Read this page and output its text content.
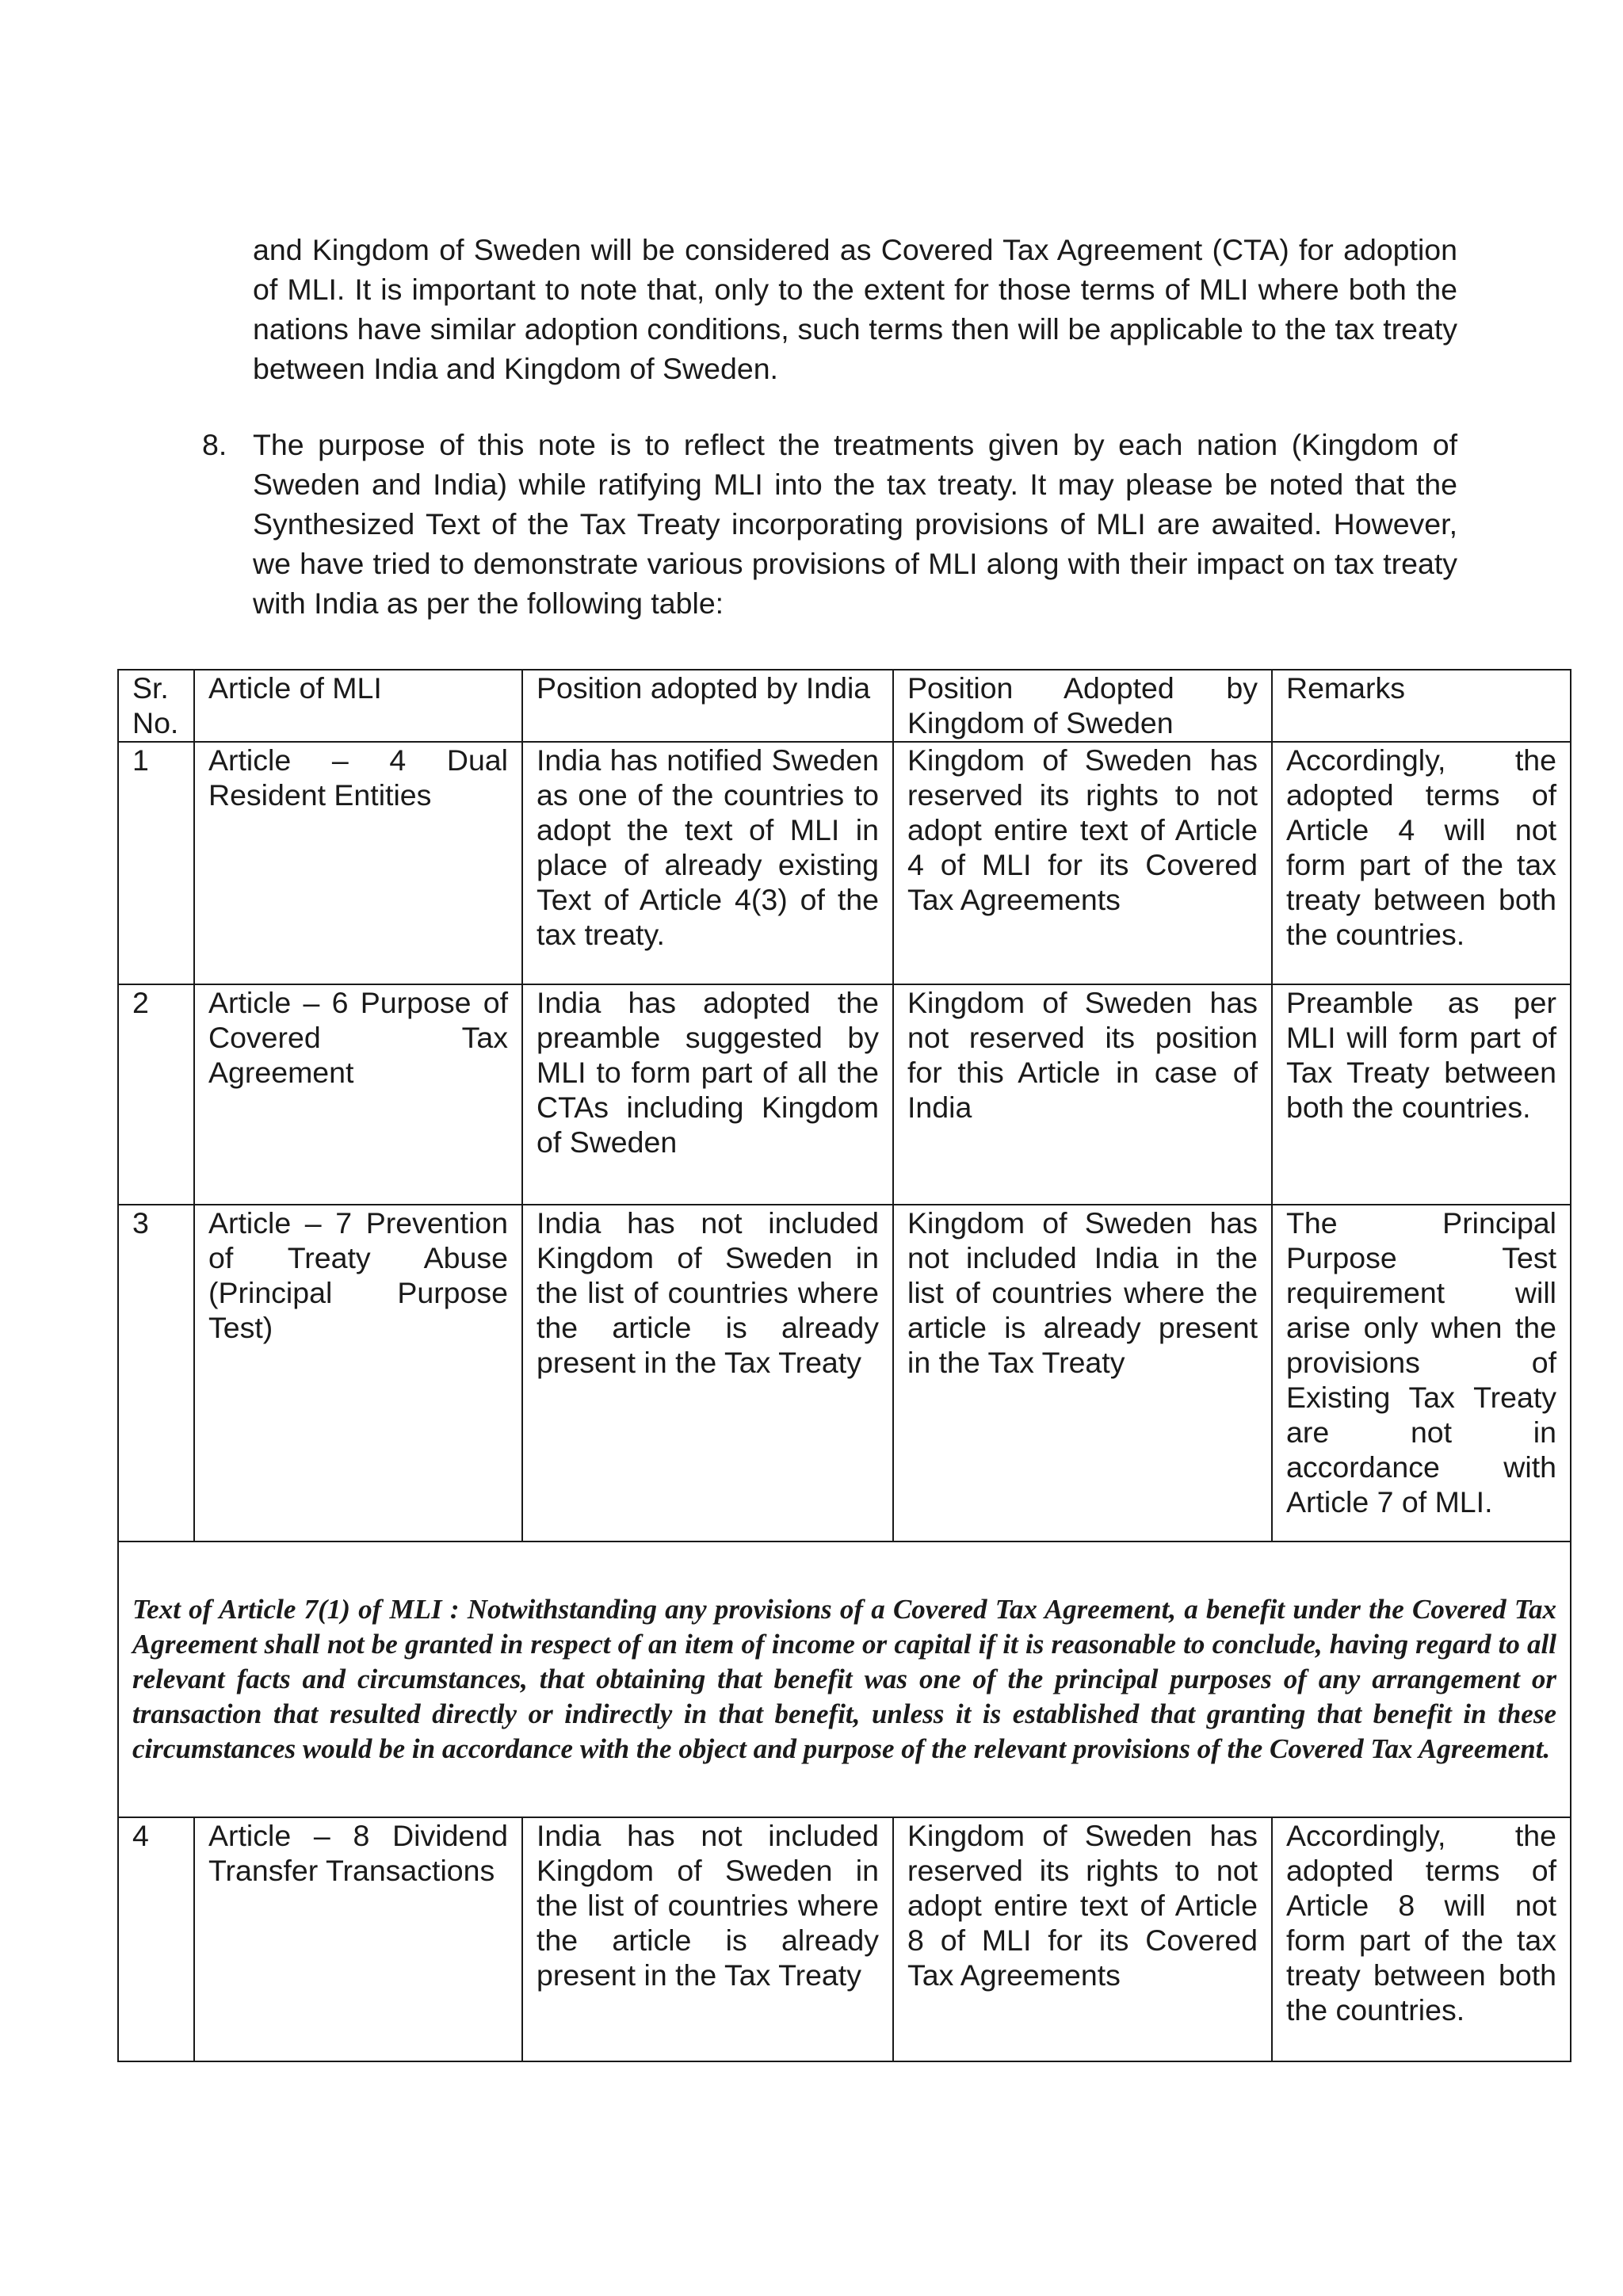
and Kingdom of Sweden will be considered as Covered Tax Agreement (CTA) for adoption of MLI. It is important to note that, only to the extent for those terms of MLI where both the nations have similar adoption conditions, such terms then will be applicable to the tax treaty between India and Kingdom of Sweden.

8. The purpose of this note is to reflect the treatments given by each nation (Kingdom of Sweden and India) while ratifying MLI into the tax treaty. It may please be noted that the Synthesized Text of the Tax Treaty incorporating provisions of MLI are awaited. However, we have tried to demonstrate various provisions of MLI along with their impact on tax treaty with India as per the following table:
Sr. No.	Article of MLI	Position adopted by India	Position Adopted by Kingdom of Sweden	Remarks
1	Article – 4 Dual Resident Entities	India has notified Sweden as one of the countries to adopt the text of MLI in place of already existing Text of Article 4(3) of the tax treaty.	Kingdom of Sweden has reserved its rights to not adopt entire text of Article 4 of MLI for its Covered Tax Agreements	Accordingly, the adopted terms of Article 4 will not form part of the tax treaty between both the countries.
2	Article – 6 Purpose of Covered Tax Agreement	India has adopted the preamble suggested by MLI to form part of all the CTAs including Kingdom of Sweden	Kingdom of Sweden has not reserved its position for this Article in case of India	Preamble as per MLI will form part of Tax Treaty between both the countries.
3	Article – 7 Prevention of Treaty Abuse (Principal Purpose Test)	India has not included Kingdom of Sweden in the list of countries where the article is already present in the Tax Treaty	Kingdom of Sweden has not included India in the list of countries where the article is already present in the Tax Treaty	The Principal Purpose Test requirement will arise only when the provisions of Existing Tax Treaty are not in accordance with Article 7 of MLI.
Text of Article 7(1) of MLI : Notwithstanding any provisions of a Covered Tax Agreement, a benefit under the Covered Tax Agreement shall not be granted in respect of an item of income or capital if it is reasonable to conclude, having regard to all relevant facts and circumstances, that obtaining that benefit was one of the principal purposes of any arrangement or transaction that resulted directly or indirectly in that benefit, unless it is established that granting that benefit in these circumstances would be in accordance with the object and purpose of the relevant provisions of the Covered Tax Agreement.				
4	Article – 8 Dividend Transfer Transactions	India has not included Kingdom of Sweden in the list of countries where the article is already present in the Tax Treaty	Kingdom of Sweden has reserved its rights to not adopt entire text of Article 8 of MLI for its Covered Tax Agreements	Accordingly, the adopted terms of Article 8 will not form part of the tax treaty between both the countries.
